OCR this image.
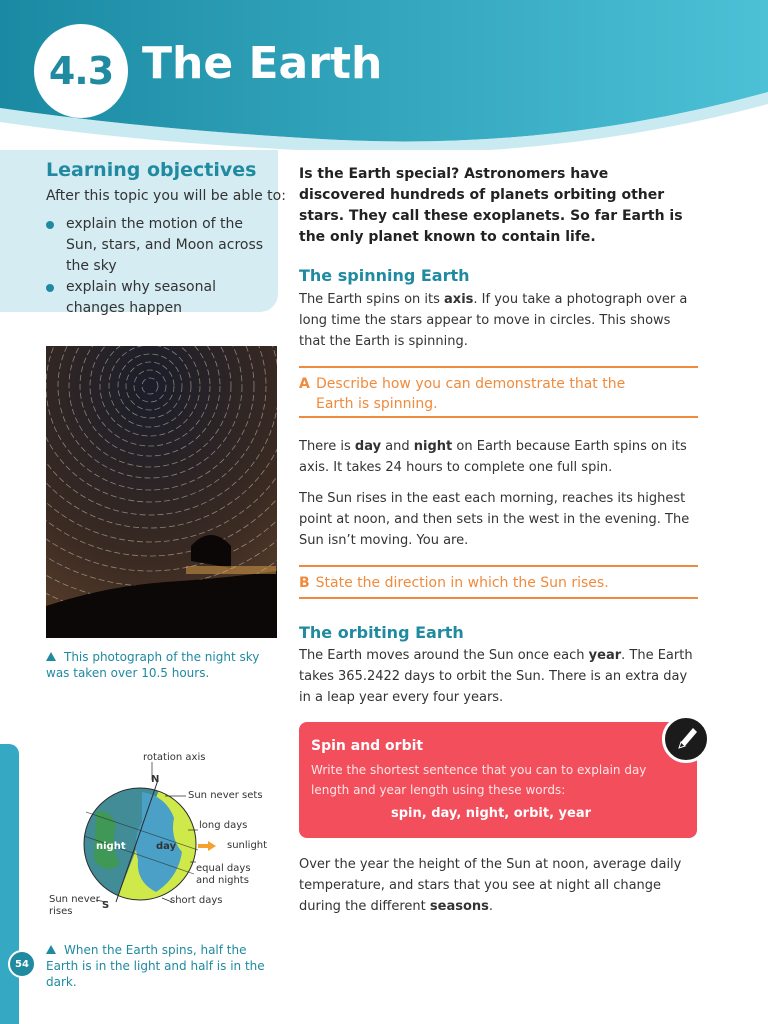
4.3 The Earth
Learning objectives
After this topic you will be able to:
explain the motion of the Sun, stars, and Moon across the sky
explain why seasonal changes happen
This photograph of the night sky was taken over 10.5 hours.
Is the Earth special? Astronomers have discovered hundreds of planets orbiting other stars. They call these exoplanets. So far Earth is the only planet known to contain life.
The spinning Earth
The Earth spins on its axis. If you take a photograph over a long time the stars appear to move in circles. This shows that the Earth is spinning.
A Describe how you can demonstrate that the Earth is spinning.
There is day and night on Earth because Earth spins on its axis. It takes 24 hours to complete one full spin.
The Sun rises in the east each morning, reaches its highest point at noon, and then sets in the west in the evening. The Sun isn’t moving. You are.
B State the direction in which the Sun rises.
The orbiting Earth
The Earth moves around the Sun once each year. The Earth takes 365.2422 days to orbit the Sun. There is an extra day in a leap year every four years.
Spin and orbit
Write the shortest sentence that you can to explain day length and year length using these words:
spin, day, night, orbit, year
Over the year the height of the Sun at noon, average daily temperature, and stars that you see at night all change during the different seasons.
rotation axis
N
Sun never sets
long days
sunlight
equal days
and nights
short days
Sun never
rises
S
night	day
When the Earth spins, half the Earth is in the light and half is in the dark.
54
